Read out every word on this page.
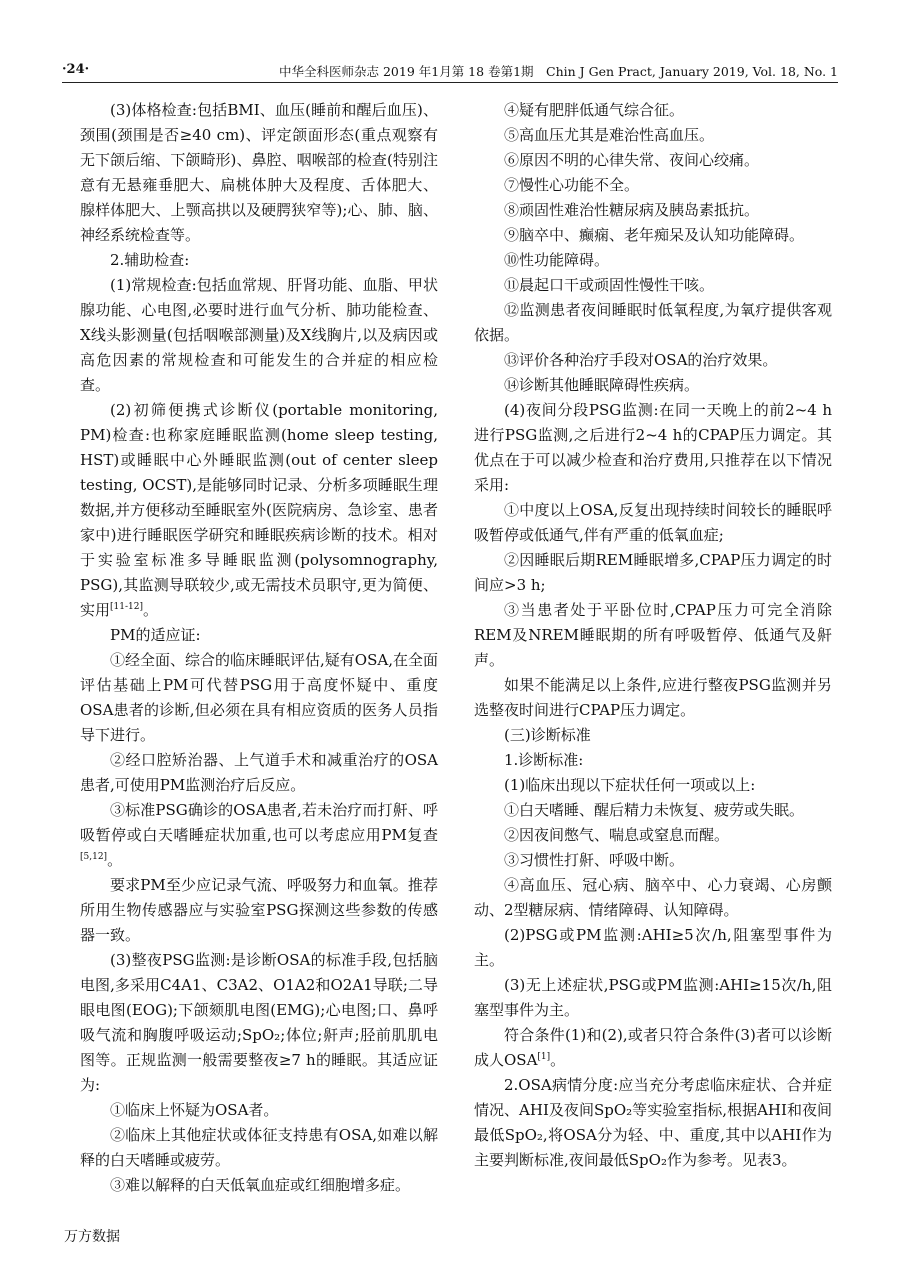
·24·	中华全科医师杂志 2019 年1月第 18 卷第1期　Chin J Gen Pract, January 2019, Vol. 18, No. 1

(3)体格检查:包括BMI、血压(睡前和醒后血压)、颈围(颈围是否≥40 cm)、评定颌面形态(重点观察有无下颌后缩、下颌畸形)、鼻腔、咽喉部的检查(特别注意有无悬雍垂肥大、扁桃体肿大及程度、舌体肥大、腺样体肥大、上颚高拱以及硬腭狭窄等);心、肺、脑、神经系统检查等。

2.辅助检查:

(1)常规检查:包括血常规、肝肾功能、血脂、甲状腺功能、心电图,必要时进行血气分析、肺功能检查、X线头影测量(包括咽喉部测量)及X线胸片,以及病因或高危因素的常规检查和可能发生的合并症的相应检查。

(2)初筛便携式诊断仪(portable monitoring, PM)检查:也称家庭睡眠监测(home sleep testing, HST)或睡眠中心外睡眠监测(out of center sleep testing, OCST),是能够同时记录、分析多项睡眠生理数据,并方便移动至睡眠室外(医院病房、急诊室、患者家中)进行睡眠医学研究和睡眠疾病诊断的技术。相对于实验室标准多导睡眠监测(polysomnography, PSG),其监测导联较少,或无需技术员职守,更为简便、实用[11-12]。

PM的适应证:

①经全面、综合的临床睡眠评估,疑有OSA,在全面评估基础上PM可代替PSG用于高度怀疑中、重度OSA患者的诊断,但必须在具有相应资质的医务人员指导下进行。

②经口腔矫治器、上气道手术和减重治疗的OSA患者,可使用PM监测治疗后反应。

③标准PSG确诊的OSA患者,若未治疗而打鼾、呼吸暂停或白天嗜睡症状加重,也可以考虑应用PM复查[5,12]。

要求PM至少应记录气流、呼吸努力和血氧。推荐所用生物传感器应与实验室PSG探测这些参数的传感器一致。

(3)整夜PSG监测:是诊断OSA的标准手段,包括脑电图,多采用C4A1、C3A2、O1A2和O2A1导联;二导眼电图(EOG);下颌颏肌电图(EMG);心电图;口、鼻呼吸气流和胸腹呼吸运动;SpO₂;体位;鼾声;胫前肌肌电图等。正规监测一般需要整夜≥7 h的睡眠。其适应证为:

①临床上怀疑为OSA者。

②临床上其他症状或体征支持患有OSA,如难以解释的白天嗜睡或疲劳。

③难以解释的白天低氧血症或红细胞增多症。

④疑有肥胖低通气综合征。

⑤高血压尤其是难治性高血压。

⑥原因不明的心律失常、夜间心绞痛。

⑦慢性心功能不全。

⑧顽固性难治性糖尿病及胰岛素抵抗。

⑨脑卒中、癫痫、老年痴呆及认知功能障碍。

⑩性功能障碍。

⑪晨起口干或顽固性慢性干咳。

⑫监测患者夜间睡眠时低氧程度,为氧疗提供客观依据。

⑬评价各种治疗手段对OSA的治疗效果。

⑭诊断其他睡眠障碍性疾病。

(4)夜间分段PSG监测:在同一天晚上的前2~4 h进行PSG监测,之后进行2~4 h的CPAP压力调定。其优点在于可以减少检查和治疗费用,只推荐在以下情况采用:

①中度以上OSA,反复出现持续时间较长的睡眠呼吸暂停或低通气,伴有严重的低氧血症;

②因睡眠后期REM睡眠增多,CPAP压力调定的时间应>3 h;

③当患者处于平卧位时,CPAP压力可完全消除REM及NREM睡眠期的所有呼吸暂停、低通气及鼾声。

如果不能满足以上条件,应进行整夜PSG监测并另选整夜时间进行CPAP压力调定。

(三)诊断标准

1.诊断标准:

(1)临床出现以下症状任何一项或以上:

①白天嗜睡、醒后精力未恢复、疲劳或失眠。

②因夜间憋气、喘息或窒息而醒。

③习惯性打鼾、呼吸中断。

④高血压、冠心病、脑卒中、心力衰竭、心房颤动、2型糖尿病、情绪障碍、认知障碍。

(2)PSG或PM监测:AHI≥5次/h,阻塞型事件为主。

(3)无上述症状,PSG或PM监测:AHI≥15次/h,阻塞型事件为主。

符合条件(1)和(2),或者只符合条件(3)者可以诊断成人OSA[1]。

2.OSA病情分度:应当充分考虑临床症状、合并症情况、AHI及夜间SpO₂等实验室指标,根据AHI和夜间最低SpO₂,将OSA分为轻、中、重度,其中以AHI作为主要判断标准,夜间最低SpO₂作为参考。见表3。

万方数据
